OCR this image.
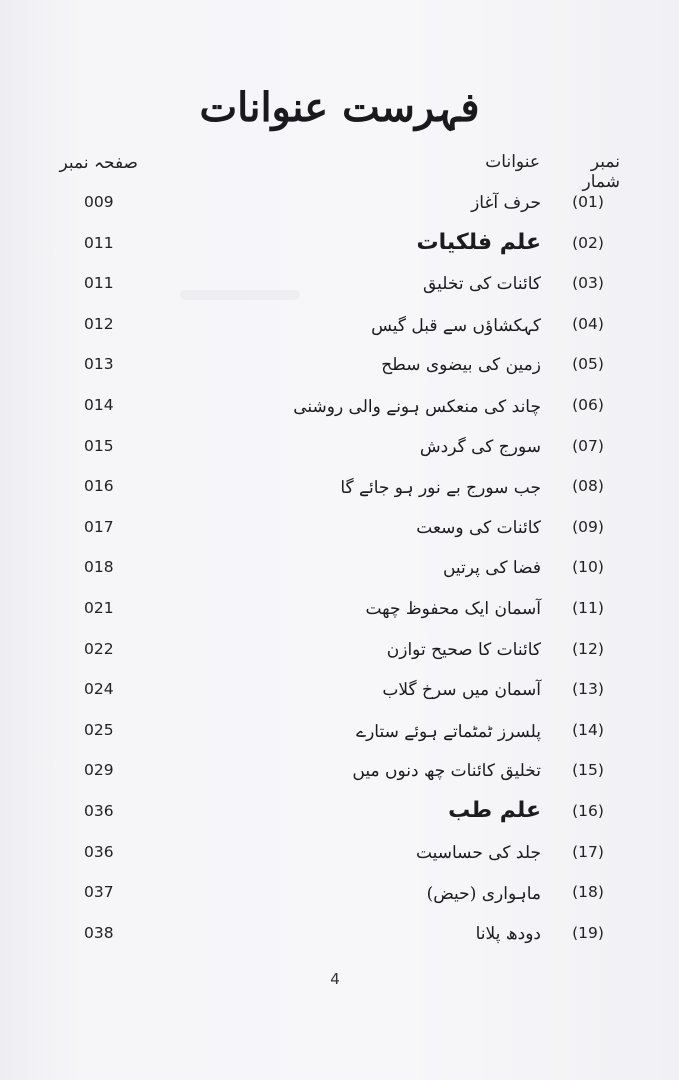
فہرست عنوانات
نمبر شمار
عنوانات
صفحہ نمبر
(01)
حرف آغاز
009
(02)
علم فلکیات
011
(03)
کائنات کی تخلیق
011
(04)
کہکشاؤں سے قبل گیس
012
(05)
زمین کی بیضوی سطح
013
(06)
چاند کی منعکس ہونے والی روشنی
014
(07)
سورج کی گردش
015
(08)
جب سورج بے نور ہو جائے گا
016
(09)
کائنات کی وسعت
017
(10)
فضا کی پرتیں
018
(11)
آسمان ایک محفوظ چھت
021
(12)
کائنات کا صحیح توازن
022
(13)
آسمان میں سرخ گلاب
024
(14)
پلسرز ٹمٹماتے ہوئے ستارے
025
(15)
تخلیق کائنات چھ دنوں میں
029
(16)
علم طب
036
(17)
جلد کی حساسیت
036
(18)
ماہواری (حیض)
037
(19)
دودھ پلانا
038
4
